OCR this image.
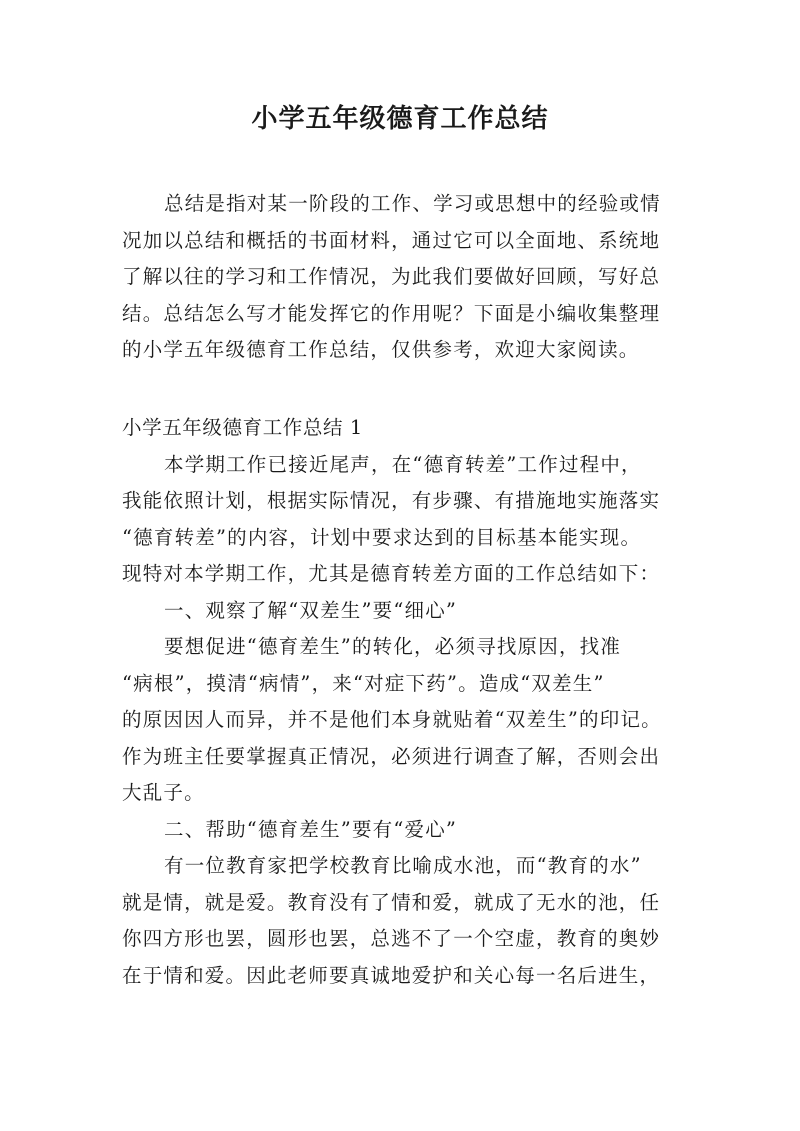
小学五年级德育工作总结
总结是指对某一阶段的工作、学习或思想中的经验或情
况加以总结和概括的书面材料，通过它可以全面地、系统地
了解以往的学习和工作情况，为此我们要做好回顾，写好总
结。总结怎么写才能发挥它的作用呢？下面是小编收集整理
的小学五年级德育工作总结，仅供参考，欢迎大家阅读。
小学五年级德育工作总结 1
本学期工作已接近尾声，在“德育转差”工作过程中，
我能依照计划，根据实际情况，有步骤、有措施地实施落实
“德育转差”的内容，计划中要求达到的目标基本能实现。
现特对本学期工作，尤其是德育转差方面的工作总结如下：
一、观察了解“双差生”要“细心”
要想促进“德育差生”的转化，必须寻找原因，找准
“病根”，摸清“病情”，来“对症下药”。造成“双差生”
的原因因人而异，并不是他们本身就贴着“双差生”的印记。
作为班主任要掌握真正情况，必须进行调查了解，否则会出
大乱子。
二、帮助“德育差生”要有“爱心”
有一位教育家把学校教育比喻成水池，而“教育的水”
就是情，就是爱。教育没有了情和爱，就成了无水的池，任
你四方形也罢，圆形也罢，总逃不了一个空虚，教育的奥妙
在于情和爱。因此老师要真诚地爱护和关心每一名后进生，
